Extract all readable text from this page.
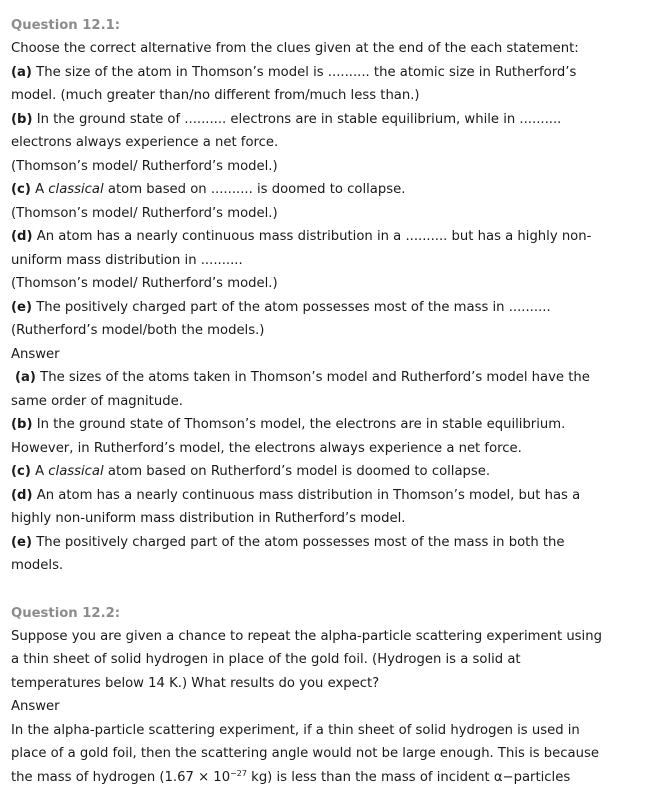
Question 12.1:
Choose the correct alternative from the clues given at the end of the each statement:
(a) The size of the atom in Thomson’s model is .......... the atomic size in Rutherford’s
model. (much greater than/no different from/much less than.)
(b) In the ground state of .......... electrons are in stable equilibrium, while in ..........
electrons always experience a net force.
(Thomson’s model/ Rutherford’s model.)
(c) A classical atom based on .......... is doomed to collapse.
(Thomson’s model/ Rutherford’s model.)
(d) An atom has a nearly continuous mass distribution in a .......... but has a highly non-
uniform mass distribution in ..........
(Thomson’s model/ Rutherford’s model.)
(e) The positively charged part of the atom possesses most of the mass in ..........
(Rutherford’s model/both the models.)
Answer
(a) The sizes of the atoms taken in Thomson’s model and Rutherford’s model have the
same order of magnitude.
(b) In the ground state of Thomson’s model, the electrons are in stable equilibrium.
However, in Rutherford’s model, the electrons always experience a net force.
(c) A classical atom based on Rutherford’s model is doomed to collapse.
(d) An atom has a nearly continuous mass distribution in Thomson’s model, but has a
highly non-uniform mass distribution in Rutherford’s model.
(e) The positively charged part of the atom possesses most of the mass in both the
models.
Question 12.2:
Suppose you are given a chance to repeat the alpha-particle scattering experiment using
a thin sheet of solid hydrogen in place of the gold foil. (Hydrogen is a solid at
temperatures below 14 K.) What results do you expect?
Answer
In the alpha-particle scattering experiment, if a thin sheet of solid hydrogen is used in
place of a gold foil, then the scattering angle would not be large enough. This is because
the mass of hydrogen ($1.67 \times 10^{-27}$ kg) is less than the mass of incident α−particles
